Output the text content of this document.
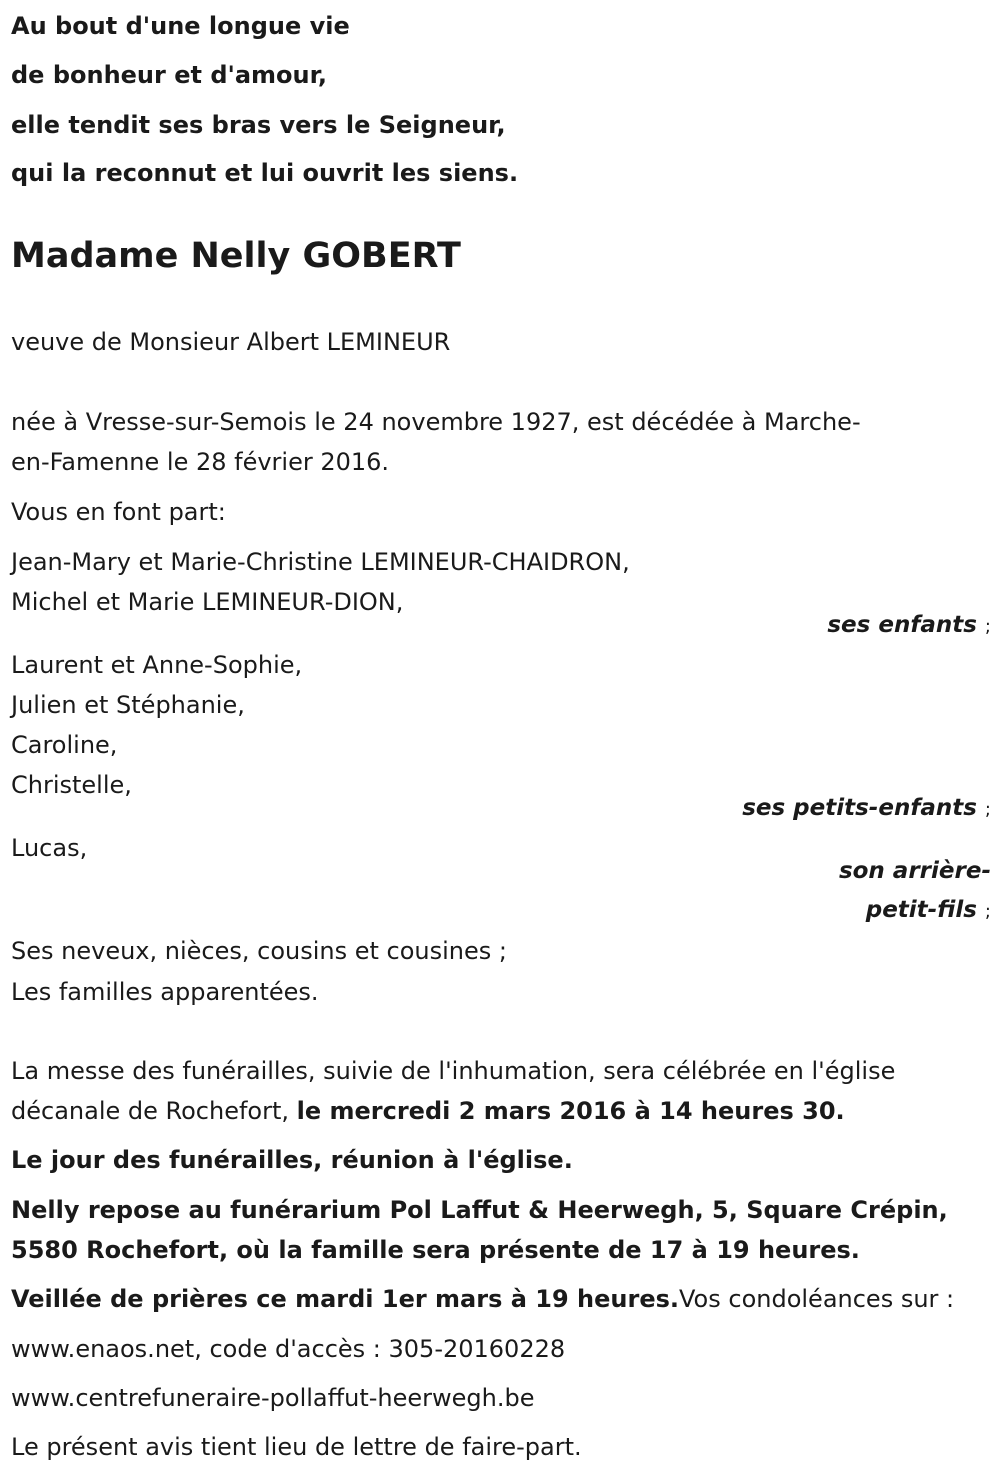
Au bout d'une longue vie
de bonheur et d'amour,
elle tendit ses bras vers le Seigneur,
qui la reconnut et lui ouvrit les siens.
Madame Nelly GOBERT
veuve de Monsieur Albert LEMINEUR
née à Vresse-sur-Semois le 24 novembre 1927, est décédée à Marche-
en-Famenne le 28 février 2016.
Vous en font part:
Jean-Mary et Marie-Christine LEMINEUR-CHAIDRON,
Michel et Marie LEMINEUR-DION,
ses enfants ;
Laurent et Anne-Sophie,
Julien et Stéphanie,
Caroline,
Christelle,
ses petits-enfants ;
Lucas,
son arrière-
petit-fils ;
Ses neveux, nièces, cousins et cousines ;
Les familles apparentées.
La messe des funérailles, suivie de l'inhumation, sera célébrée en l'église
décanale de Rochefort, le mercredi 2 mars 2016 à 14 heures 30.
Le jour des funérailles, réunion à l'église.
Nelly repose au funérarium Pol Laffut & Heerwegh, 5, Square Crépin,
5580 Rochefort, où la famille sera présente de 17 à 19 heures.
Veillée de prières ce mardi 1er mars à 19 heures.Vos condoléances sur :
www.enaos.net, code d'accès : 305-20160228
www.centrefuneraire-pollaffut-heerwegh.be
Le présent avis tient lieu de lettre de faire-part.
